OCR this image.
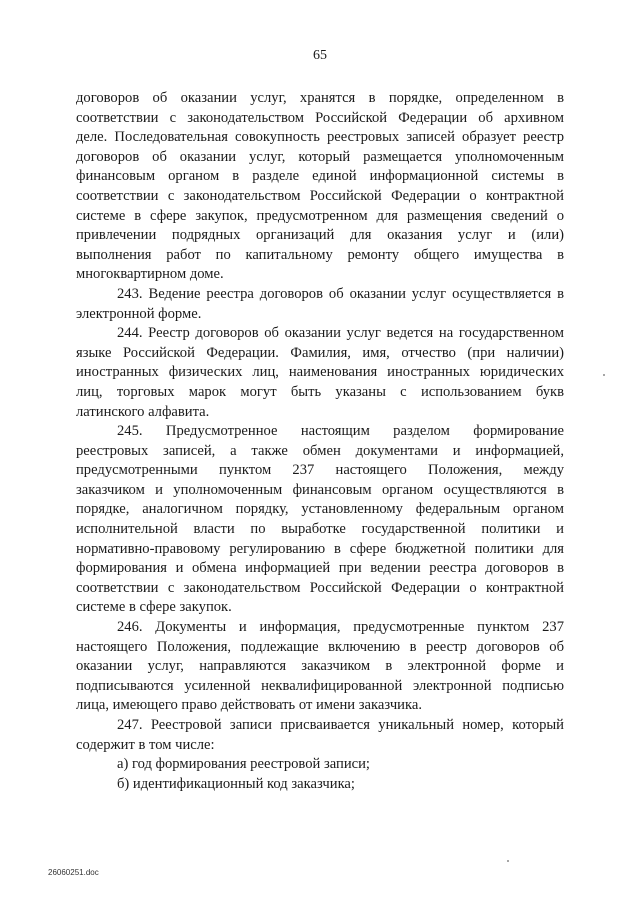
65
договоров об оказании услуг, хранятся в порядке, определенном в
соответствии с законодательством Российской Федерации об архивном
деле. Последовательная совокупность реестровых записей образует реестр
договоров об оказании услуг, который размещается уполномоченным
финансовым органом в разделе единой информационной системы в
соответствии с законодательством Российской Федерации о контрактной
системе в сфере закупок, предусмотренном для размещения сведений о
привлечении подрядных организаций для оказания услуг и (или)
выполнения работ по капитальному ремонту общего имущества в
многоквартирном доме.
243. Ведение реестра договоров об оказании услуг осуществляется в
электронной форме.
244. Реестр договоров об оказании услуг ведется на государственном
языке Российской Федерации. Фамилия, имя, отчество (при наличии)
иностранных физических лиц, наименования иностранных юридических
лиц, торговых марок могут быть указаны с использованием букв
латинского алфавита.
245. Предусмотренное настоящим разделом формирование
реестровых записей, а также обмен документами и информацией,
предусмотренными пунктом 237 настоящего Положения, между
заказчиком и уполномоченным финансовым органом осуществляются в
порядке, аналогичном порядку, установленному федеральным органом
исполнительной власти по выработке государственной политики и
нормативно-правовому регулированию в сфере бюджетной политики для
формирования и обмена информацией при ведении реестра договоров в
соответствии с законодательством Российской Федерации о контрактной
системе в сфере закупок.
246. Документы и информация, предусмотренные пунктом 237
настоящего Положения, подлежащие включению в реестр договоров об
оказании услуг, направляются заказчиком в электронной форме и
подписываются усиленной неквалифицированной электронной подписью
лица, имеющего право действовать от имени заказчика.
247. Реестровой записи присваивается уникальный номер, который
содержит в том числе:
а) год формирования реестровой записи;
б) идентификационный код заказчика;
26060251.doc
